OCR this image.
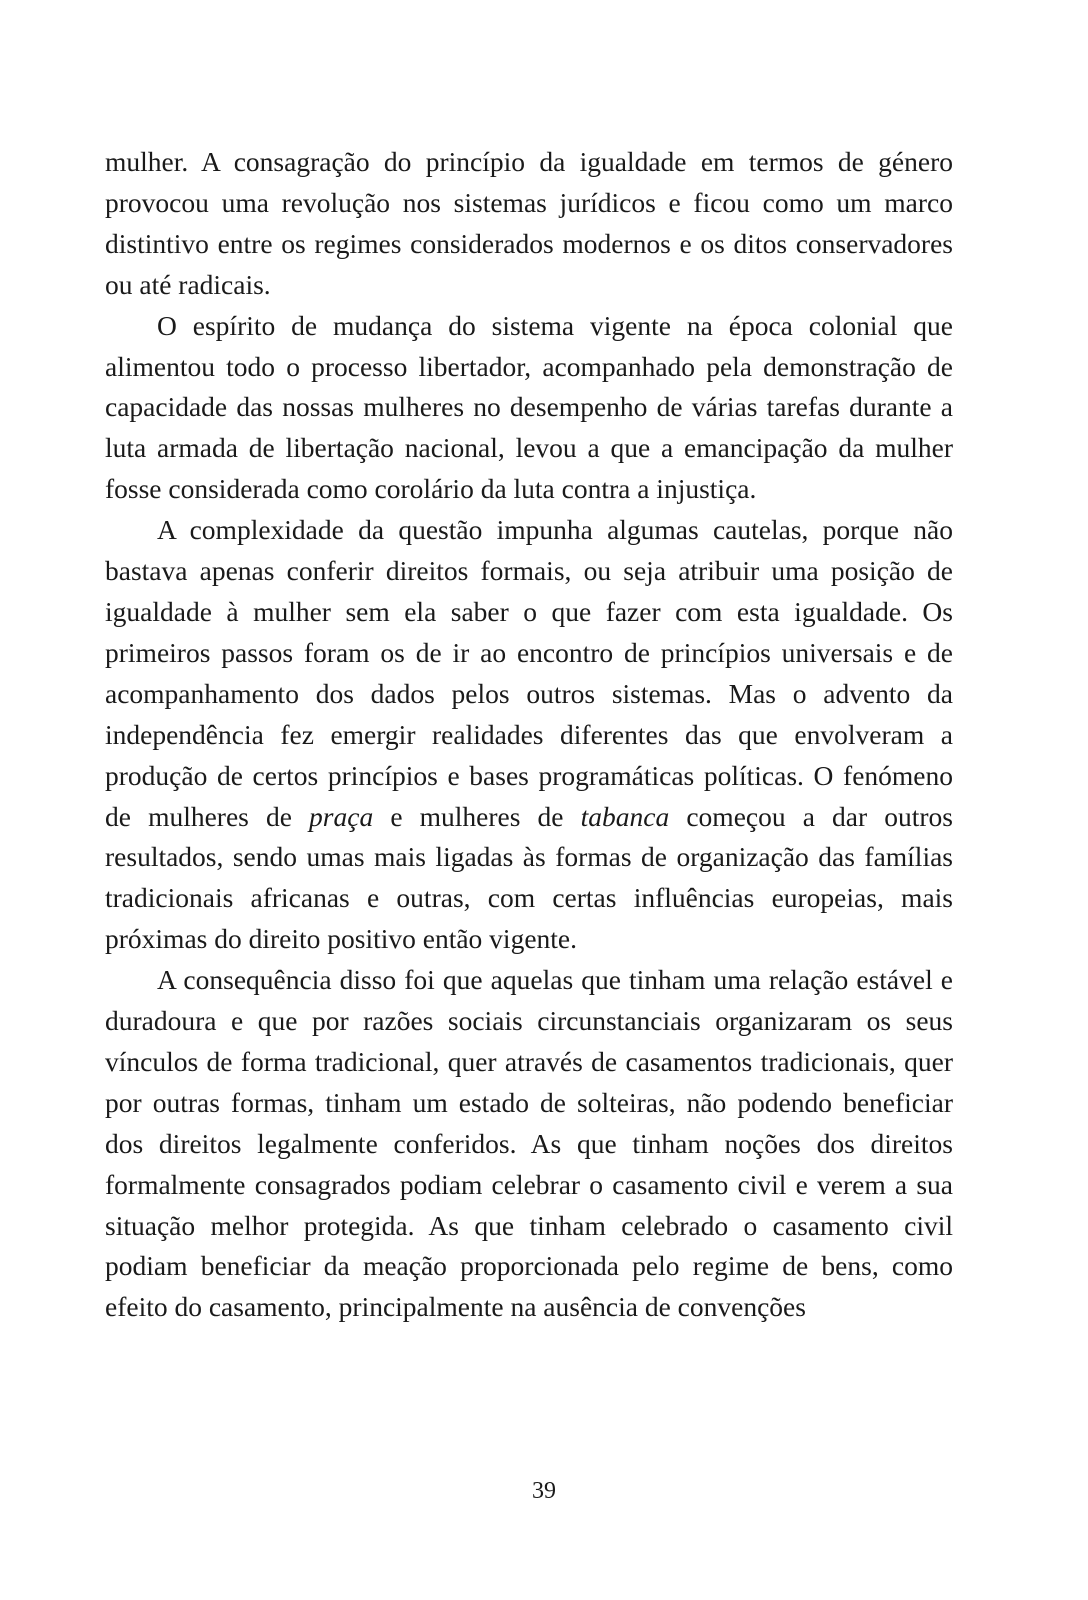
mulher. A consagração do princípio da igualdade em termos de género provocou uma revolução nos sistemas jurídicos e ficou como um marco distintivo entre os regimes considerados modernos e os ditos conservadores ou até radicais.

O espírito de mudança do sistema vigente na época colonial que alimentou todo o processo libertador, acompanhado pela demonstração de capacidade das nossas mulheres no desempenho de várias tarefas durante a luta armada de libertação nacional, levou a que a emancipação da mulher fosse considerada como corolário da luta contra a injustiça.

A complexidade da questão impunha algumas cautelas, porque não bastava apenas conferir direitos formais, ou seja atribuir uma posição de igualdade à mulher sem ela saber o que fazer com esta igualdade. Os primeiros passos foram os de ir ao encontro de princípios universais e de acompanhamento dos dados pelos outros sistemas. Mas o advento da independência fez emergir realidades diferentes das que envolveram a produção de certos princípios e bases programáticas políticas. O fenómeno de mulheres de praça e mulheres de tabanca começou a dar outros resultados, sendo umas mais ligadas às formas de organização das famílias tradicionais africanas e outras, com certas influências europeias, mais próximas do direito positivo então vigente.

A consequência disso foi que aquelas que tinham uma relação estável e duradoura e que por razões sociais circunstanciais organizaram os seus vínculos de forma tradicional, quer através de casamentos tradicionais, quer por outras formas, tinham um estado de solteiras, não podendo beneficiar dos direitos legalmente conferidos. As que tinham noções dos direitos formalmente consagrados podiam celebrar o casamento civil e verem a sua situação melhor protegida. As que tinham celebrado o casamento civil podiam beneficiar da meação proporcionada pelo regime de bens, como efeito do casamento, principalmente na ausência de convenções

39
